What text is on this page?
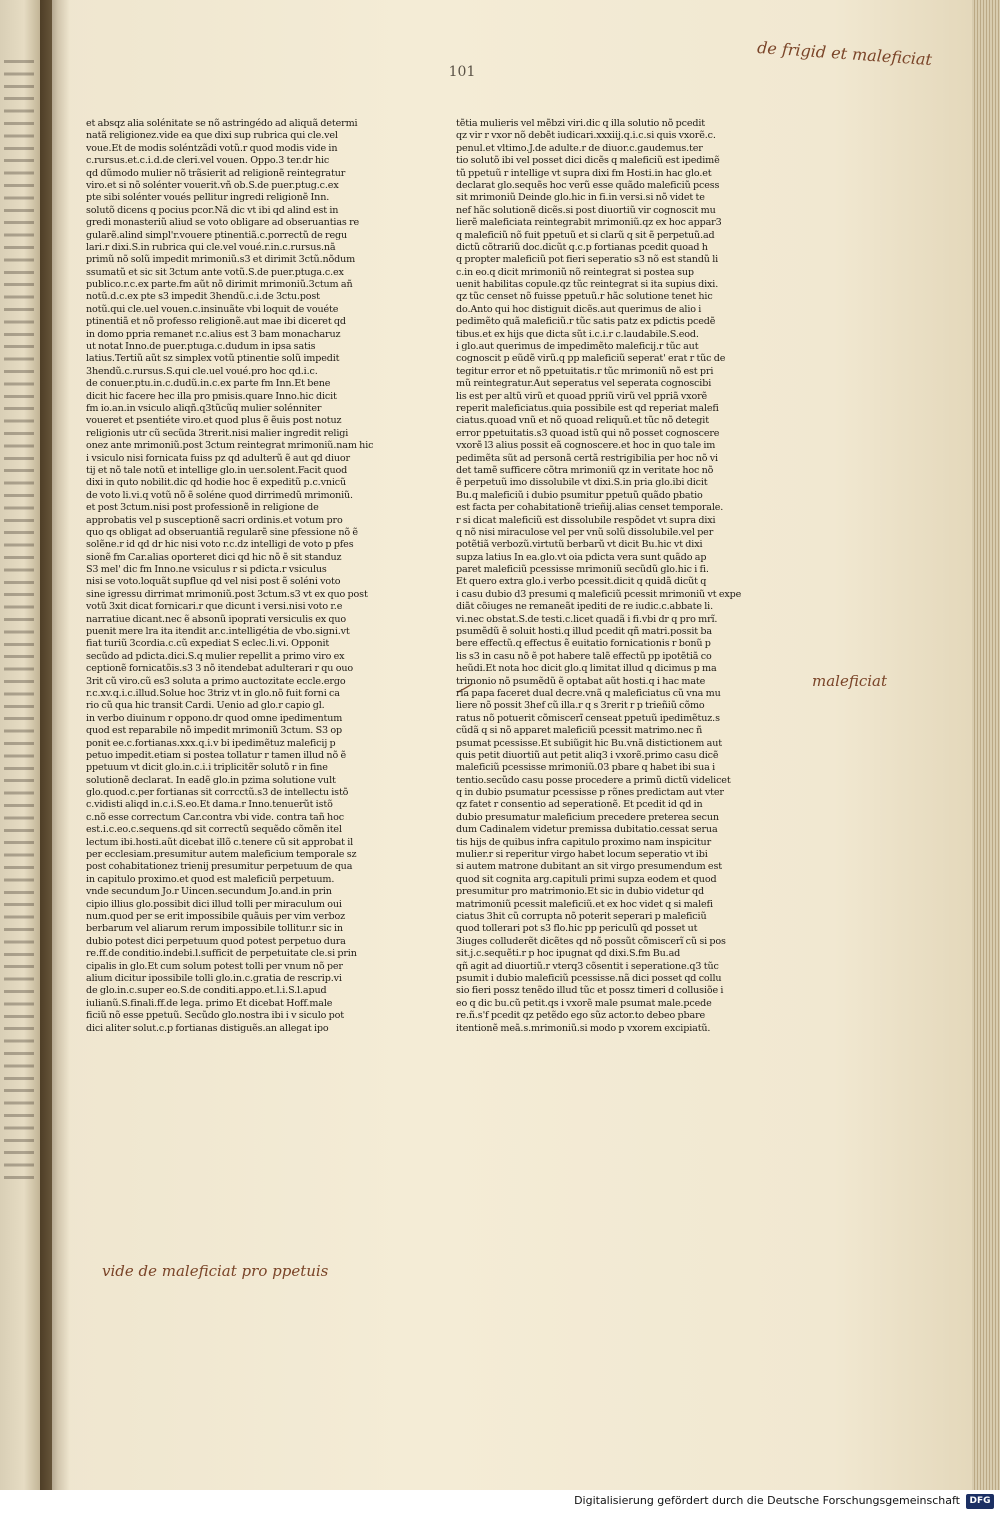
101
de frigid et maleficiat
maleficiat
vide de maleficiat pro ppetuis
et absqz alia solénitate se nõ astringédo ad aliquã determi
natã religionez.vide ea que dixi sup rubrica qui cle.vel
voue.Et de modis soléntzãdi votũ.r quod modis vide in
c.rursus.et.c.i.d.de cleri.vel vouen. Oppo.3 ter.dr hic
qd dũmodo mulier nõ trãsierit ad religionẽ reintegratur
viro.et si nõ solénter vouerit.vñ ob.S.de puer.ptug.c.ex
pte sibi solénter voués pellitur ingredi religionẽ Inn.
solutõ dicens q pocius pcor.Nã dic vt ibi qd alind est in
gredi monasteriũ aliud se voto obligare ad obseruantias re
gularẽ.alind simpl'r.vouere ptinentiã.c.porrectũ de regu
lari.r dixi.S.in rubrica qui cle.vel voué.r.in.c.rursus.nã
primũ nõ solũ impedit mrimoniũ.s3 et dirimit 3ctũ.nõdum
ssumatũ et sic sit 3ctum ante votũ.S.de puer.ptuga.c.ex
publico.r.c.ex parte.fm aũt nõ dirimit mrimoniũ.3ctum añ
notũ.d.c.ex pte s3 impedit 3hendũ.c.i.de 3ctu.post
notũ.qui cle.uel vouen.c.insinuãte vbi loquit de vouéte
ptinentiã et nõ professo religionẽ.aut mae ibi diceret qd
in domo ppria remanet r.c.alius est 3 bam monacharuz
ut notat Inno.de puer.ptuga.c.dudum in ipsa satis
latius.Tertiũ aũt sz simplex votũ ptinentie solũ impedit
3hendũ.c.rursus.S.qui cle.uel voué.pro hoc qd.i.c.
de conuer.ptu.in.c.dudũ.in.c.ex parte fm Inn.Et bene
dicit hic facere hec illa pro pmisis.quare Inno.hic dicit
fm io.an.in vsiculo aliqñ.q3tũcũq mulier solénniter
voueret et psentiéte viro.et quod plus ẽ ẽuis post notuz
religionis utr cũ secũda 3trerit.nisi malier ingredit religi
onez ante mrimoniũ.post 3ctum reintegrat mrimoniũ.nam hic
i vsiculo nisi fornicata fuiss pz qd adulterũ ẽ aut qd diuor
tij et nõ tale notũ et intellige glo.in uer.solent.Facit quod
dixi in quto nobilit.dic qd hodie hoc ẽ expeditũ p.c.vnicũ
de voto li.vi.q votũ nõ ẽ soléne quod dirrimedũ mrimoniũ.
et post 3ctum.nisi post professionẽ in religione de
approbatis vel p susceptionẽ sacri ordinis.et votum pro
quo qs obligat ad obseruantiã regularẽ sine pfessione nõ ẽ
solẽne.r id qd dr hic nisi voto r.c.dz intelligi de voto p pfes
sionẽ fm Car.alias oporteret dici qd hic nõ ẽ sit standuz
S3 mel' dic fm Inno.ne vsiculus r si pdicta.r vsiculus
nisi se voto.loquãt supflue qd vel nisi post ẽ soléni voto
sine igressu dirrimat mrimoniũ.post 3ctum.s3 vt ex quo post
votũ 3xit dicat fornicari.r que dicunt i versi.nisi voto r.e
narratiue dicant.nec ẽ absonũ ipoprati versiculis ex quo
puenit mere lra ita itendit ar.c.intelligétia de vbo.signi.vt
fiat turiũ 3cordia.c.cũ expediat S eclec.li.vi. Opponit
secũdo ad pdicta.dici.S.q mulier repellit a primo viro ex
ceptionẽ fornicatõis.s3 3 nõ itendebat adulterari r qu ouo
3rit cũ viro.cũ es3 soluta a primo auctozitate eccle.ergo
r.c.xv.q.i.c.illud.Solue hoc 3triz vt in glo.nõ fuit forni ca
rio cũ qua hic transit Cardi. Uenio ad glo.r capio gl.
in verbo diuinum r oppono.dr quod omne ipedimentum
quod est reparabile nõ impedit mrimoniũ 3ctum. S3 op
ponit ee.c.fortianas.xxx.q.i.v bi ipedimẽtuz maleficij p
petuo impedit.etiam si postea tollatur r tamen illud nõ ẽ
ppetuum vt dicit glo.in.c.i.i triplicitẽr solutõ r in fine
solutionẽ declarat. In eadẽ glo.in pzima solutione vult
glo.quod.c.per fortianas sit corrcctũ.s3 de intellectu istõ
c.vidisti aliqd in.c.i.S.eo.Et dama.r Inno.tenuerũt istõ
c.nõ esse correctum Car.contra vbi vide. contra tañ hoc
est.i.c.eo.c.sequens.qd sit correctũ sequẽdo cõmẽn itel
lectum ibi.hosti.aũt dicebat illõ c.tenere cũ sit approbat il
per ecclesiam.presumitur autem maleficium temporale sz
post cohabitationez trienij presumitur perpetuum de qua
in capitulo proximo.et quod est maleficiũ perpetuum.
vnde secundum Jo.r Uincen.secundum Jo.and.in prin
cipio illius glo.possibit dici illud tolli per miraculum oui
num.quod per se erit impossibile quãuis per vim verboz
berbarum vel aliarum rerum impossibile tollitur.r sic in
dubio potest dici perpetuum quod potest perpetuo dura
re.ff.de conditio.indebi.l.sufficit de perpetuitate cle.si prin
cipalis in glo.Et cum solum potest tolli per vnum nõ per
alium dicitur ipossibile tolli glo.in.c.gratia de rescrip.vi
de glo.in.c.super eo.S.de conditi.appo.et.l.i.S.l.apud
iulianũ.S.finali.ff.de lega. primo Et dicebat Hoff.male
ficiũ nõ esse ppetuũ. Secũdo glo.nostra ibi i v siculo pot
dici aliter solut.c.p fortianas distiguẽs.an allegat ipo
tẽtia mulieris vel mẽbzi viri.dic q illa solutio nõ pcedit
qz vir r vxor nõ debẽt iudicari.xxxiij.q.i.c.si quis vxorẽ.c.
penul.et vltimo.J.de adulte.r de diuor.c.gaudemus.ter
tio solutõ ibi vel posset dici dicẽs q maleficiũ est ipedimẽ
tũ ppetuũ r intellige vt supra dixi fm Hosti.in hac glo.et
declarat glo.sequẽs hoc verũ esse quãdo maleficiũ pcess
sit mrimoniũ Deinde glo.hic in fi.in versi.si nõ videt te
nef hãc solutionẽ dicẽs.si post diuortiũ vir cognoscit mu
lierẽ maleficiata reintegrabit mrimoniũ.qz ex hoc appar3
q maleficiũ nõ fuit ppetuũ et si clarũ q sit ẽ perpetuũ.ad
dictũ cõtrariũ doc.dicũt q.c.p fortianas pcedit quoad h
q propter maleficiũ pot fieri seperatio s3 nõ est standũ li
c.in eo.q dicit mrimoniũ nõ reintegrat si postea sup
uenit habilitas copule.qz tũc reintegrat si ita supius dixi.
qz tũc censet nõ fuisse ppetuũ.r hãc solutione tenet hic
do.Anto qui hoc distiguit dicẽs.aut querimus de alio i
pedimẽto quã maleficiũ.r tũc satis patz ex pdictis pcedẽ
tibus.et ex hijs que dicta sũt i.c.i.r c.laudabile.S.eod.
i glo.aut querimus de impedimẽto maleficij.r tũc aut
cognoscit p eũdẽ virũ.q pp maleficiũ seperat' erat r tũc de
tegitur error et nõ ppetuitatis.r tũc mrimoniũ nõ est pri
mũ reintegratur.Aut seperatus vel seperata cognoscibi
lis est per altũ virũ et quoad ppriũ virũ vel ppriã vxorẽ
reperit maleficiatus.quia possibile est qd reperiat malefi
ciatus.quoad vnũ et nõ quoad reliquũ.et tũc nõ detegit
error ppetuitatis.s3 quoad istũ qui nõ posset cognoscere
vxorẽ l3 alius possit eã cognoscere.et hoc in quo tale im
pedimẽta sũt ad personã certã restrigibilia per hoc nõ vi
det tamẽ sufficere cõtra mrimoniũ qz in veritate hoc nõ
ẽ perpetuũ imo dissolubile vt dixi.S.in pria glo.ibi dicit
Bu.q maleficiũ i dubio psumitur ppetuũ quãdo pbatio
est facta per cohabitationẽ trieñij.alias censet temporale.
r si dicat maleficiũ est dissolubile respõdet vt supra dixi
q nõ nisi miraculose vel per vnũ solũ dissolubile.vel per
potẽtiã verbozũ.virtutũ berbarũ vt dicit Bu.hic vt dixi
supza latius In ea.glo.vt oia pdicta vera sunt quãdo ap
paret maleficiũ pcessisse mrimoniũ secũdũ glo.hic i fi.
Et quero extra glo.i verbo pcessit.dicit q quidã dicũt q
i casu dubio d3 presumi q maleficiũ pcessit mrimoniũ vt expe
diãt cõiuges ne remaneãt ipediti de re iudic.c.abbate li.
vi.nec obstat.S.de testi.c.licet quadã i fi.vbi dr q pro mrĩ.
psumẽdũ ẽ soluit hosti.q illud pcedit qñ matri.possit ba
bere effectũ.q effectus ẽ euitatio fornicationis r bonũ p
lis s3 in casu nõ ẽ pot habere talẽ effectũ pp ipotẽtiã co
heũdi.Et nota hoc dicit glo.q limitat illud q dicimus p ma
trimonio nõ psumẽdũ ẽ optabat aũt hosti.q i hac mate
ria papa faceret dual decre.vnã q maleficiatus cũ vna mu
liere nõ possit 3hef cũ illa.r q s 3rerit r p trieñiũ cõmo
ratus nõ potuerit cõmiscerĩ censeat ppetuũ ipedimẽtuz.s
cũdã q si nõ apparet maleficiũ pcessit matrimo.nec ñ
psumat pcessisse.Et subiũgit hic Bu.vnã distictionem aut
quis petit diuortiũ aut petit aliq3 i vxorẽ.primo casu dicẽ
maleficiũ pcessisse mrimoniũ.03 pbare q habet ibi sua i
tentio.secũdo casu posse procedere a primũ dictũ videlicet
q in dubio psumatur pcessisse p rõnes predictam aut vter
qz fatet r consentio ad seperationẽ. Et pcedit id qd in
dubio presumatur maleficium precedere preterea secun
dum Cadinalem videtur premissa dubitatio.cessat serua
tis hijs de quibus infra capitulo proximo nam inspicitur
mulier.r si reperitur virgo habet locum seperatio vt ibi
si autem matrone dubitant an sit virgo presumendum est
quod sit cognita arg.capituli primi supza eodem et quod
presumitur pro matrimonio.Et sic in dubio videtur qd
matrimoniũ pcessit maleficiũ.et ex hoc videt q si malefi
ciatus 3hit cũ corrupta nõ poterit seperari p maleficiũ
quod tollerari pot s3 flo.hic pp periculũ qd posset ut
3iuges colluderẽt dicẽtes qd nõ possũt cõmiscerĩ cũ si pos
sit.j.c.sequẽti.r p hoc ipugnat qd dixi.S.fm Bu.ad
qñ agit ad diuortiũ.r vterq3 cõsentit i seperatione.q3 tũc
psumit i dubio maleficiũ pcessisse.nã dici posset qd collu
sio fieri possz tenẽdo illud tũc et possz timeri d collusiõe i
eo q dic bu.cũ petit.qs i vxorẽ male psumat male.pcede
re.ñ.s'f pcedit qz petẽdo ego sũz actor.to debeo pbare
itentionẽ meã.s.mrimoniũ.si modo p vxorem excipiatũ.
Digitalisierung gefördert durch die Deutsche Forschungsgemeinschaft	DFG
